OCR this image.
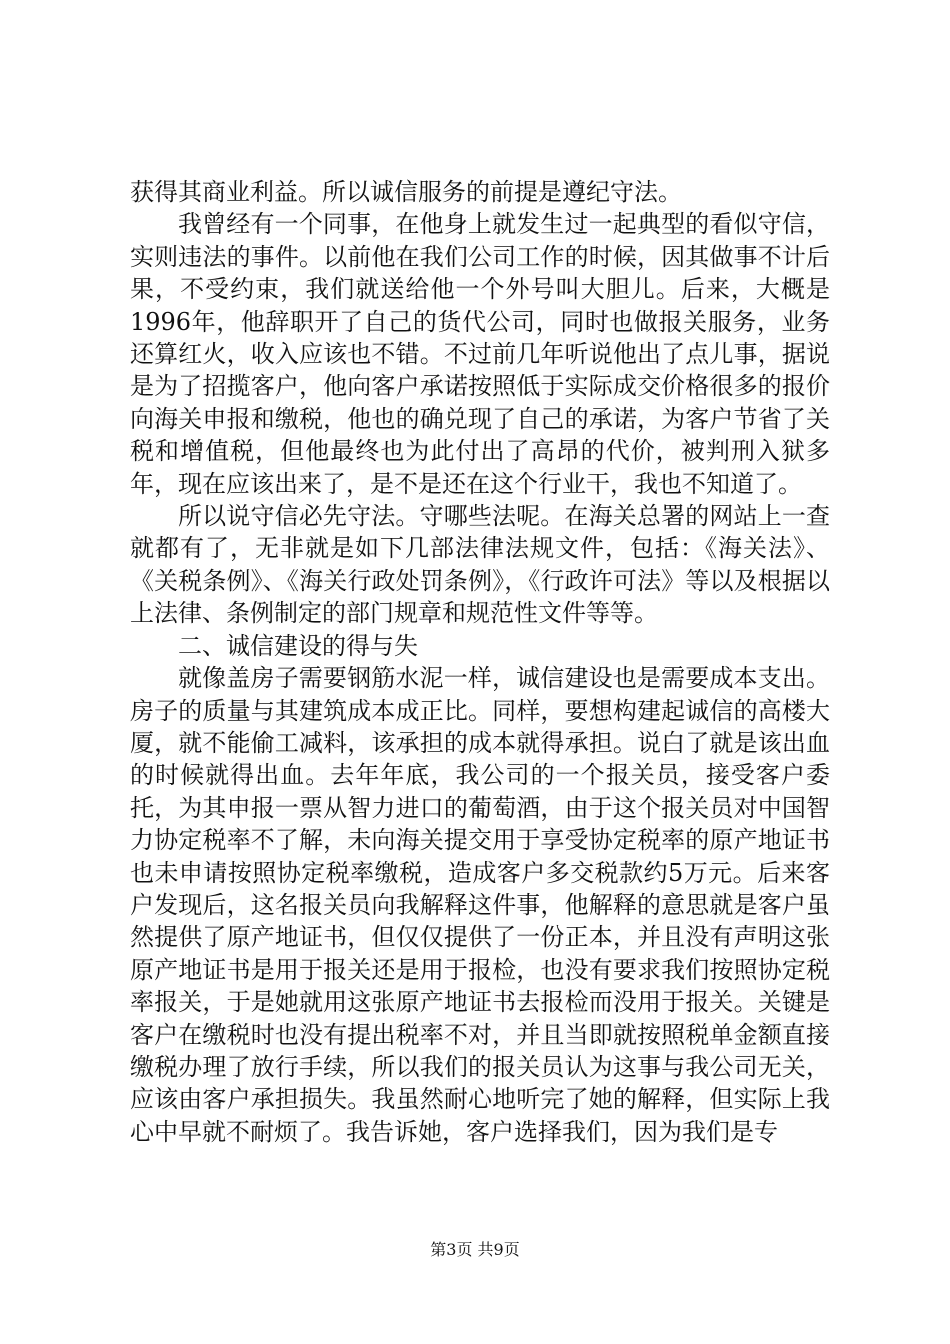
获得其商业利益。所以诚信服务的前提是遵纪守法。

我曾经有一个同事，在他身上就发生过一起典型的看似守信，实则违法的事件。以前他在我们公司工作的时候，因其做事不计后果，不受约束，我们就送给他一个外号叫大胆儿。后来，大概是1996年，他辞职开了自己的货代公司，同时也做报关服务，业务还算红火，收入应该也不错。不过前几年听说他出了点儿事，据说是为了招揽客户，他向客户承诺按照低于实际成交价格很多的报价向海关申报和缴税，他也的确兑现了自己的承诺，为客户节省了关税和增值税，但他最终也为此付出了高昂的代价，被判刑入狱多年，现在应该出来了，是不是还在这个行业干，我也不知道了。

所以说守信必先守法。守哪些法呢。在海关总署的网站上一查就都有了，无非就是如下几部法律法规文件，包括：《海关法》、《关税条例》、《海关行政处罚条例》，《行政许可法》等以及根据以上法律、条例制定的部门规章和规范性文件等等。

二、诚信建设的得与失

就像盖房子需要钢筋水泥一样，诚信建设也是需要成本支出。房子的质量与其建筑成本成正比。同样，要想构建起诚信的高楼大厦，就不能偷工减料，该承担的成本就得承担。说白了就是该出血的时候就得出血。去年年底，我公司的一个报关员，接受客户委托，为其申报一票从智力进口的葡萄酒，由于这个报关员对中国智力协定税率不了解，未向海关提交用于享受协定税率的原产地证书也未申请按照协定税率缴税，造成客户多交税款约5万元。后来客户发现后，这名报关员向我解释这件事，他解释的意思就是客户虽然提供了原产地证书，但仅仅提供了一份正本，并且没有声明这张原产地证书是用于报关还是用于报检，也没有要求我们按照协定税率报关，于是她就用这张原产地证书去报检而没用于报关。关键是客户在缴税时也没有提出税率不对，并且当即就按照税单金额直接缴税办理了放行手续，所以我们的报关员认为这事与我公司无关，应该由客户承担损失。我虽然耐心地听完了她的解释，但实际上我心中早就不耐烦了。我告诉她，客户选择我们，因为我们是专

第3页 共9页
